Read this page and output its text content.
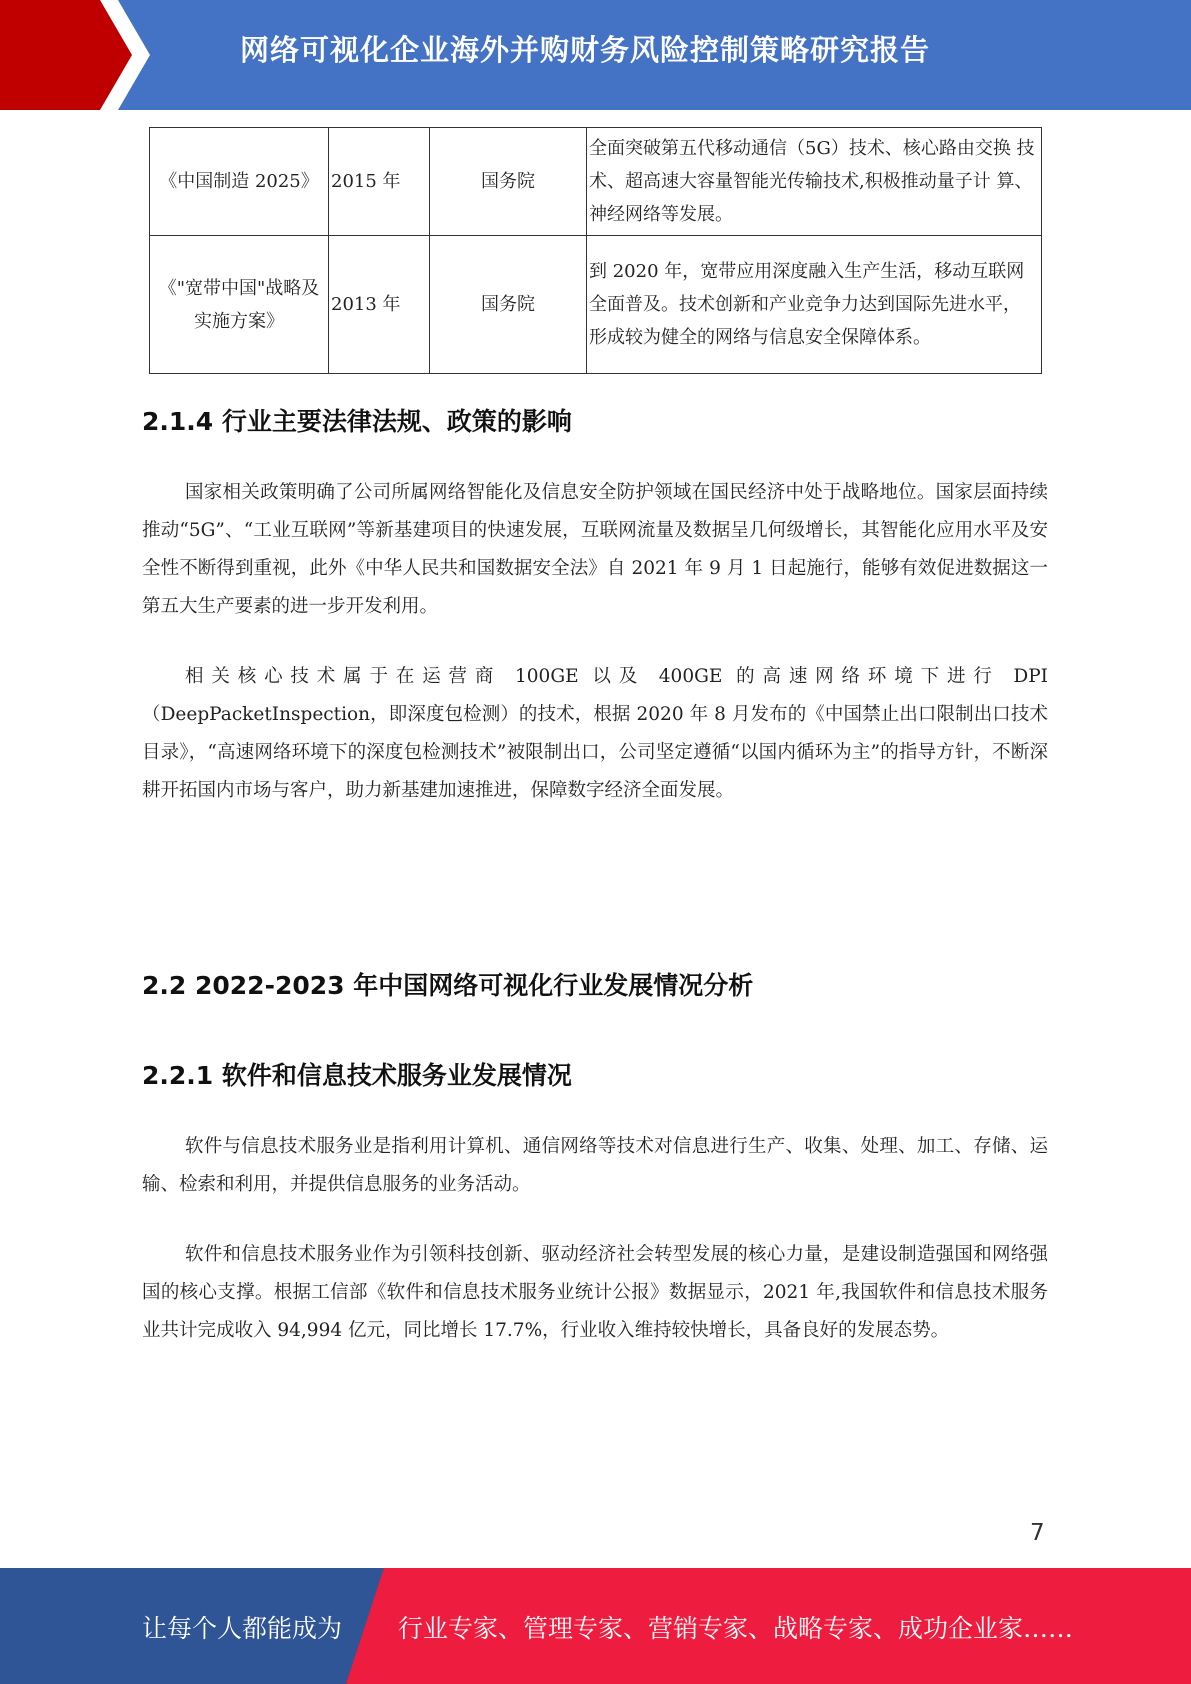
网络可视化企业海外并购财务风险控制策略研究报告
《中国制造 2025》	2015 年	国务院	全面突破第五代移动通信（5G）技术、核心路由交换 技术、超高速大容量智能光传输技术,积极推动量子计 算、神经网络等发展。
《"宽带中国"战略及实施方案》	2013 年	国务院	到 2020 年，宽带应用深度融入生产生活，移动互联网 全面普及。技术创新和产业竞争力达到国际先进水平， 形成较为健全的网络与信息安全保障体系。
2.1.4 行业主要法律法规、政策的影响

国家相关政策明确了公司所属网络智能化及信息安全防护领域在国民经济中处于战略地位。国家层面持续推动“5G”、“工业互联网”等新基建项目的快速发展，互联网流量及数据呈几何级增长，其智能化应用水平及安全性不断得到重视，此外《中华人民共和国数据安全法》自 2021 年 9 月 1 日起施行，能够有效促进数据这一第五大生产要素的进一步开发利用。

相关核心技术属于在运营商 100GE 以及 400GE 的高速网络环境下进行 DPI（DeepPacketInspection，即深度包检测）的技术，根据 2020 年 8 月发布的《中国禁止出口限制出口技术目录》，“高速网络环境下的深度包检测技术”被限制出口，公司坚定遵循“以国内循环为主”的指导方针，不断深耕开拓国内市场与客户，助力新基建加速推进，保障数字经济全面发展。

2.2 2022-2023 年中国网络可视化行业发展情况分析
2.2.1 软件和信息技术服务业发展情况

软件与信息技术服务业是指利用计算机、通信网络等技术对信息进行生产、收集、处理、加工、存储、运输、检索和利用，并提供信息服务的业务活动。

软件和信息技术服务业作为引领科技创新、驱动经济社会转型发展的核心力量，是建设制造强国和网络强国的核心支撑。根据工信部《软件和信息技术服务业统计公报》数据显示，2021 年,我国软件和信息技术服务业共计完成收入 94,994 亿元，同比增长 17.7%，行业收入维持较快增长，具备良好的发展态势。

7
让每个人都能成为 行业专家、管理专家、营销专家、战略专家、成功企业家……
